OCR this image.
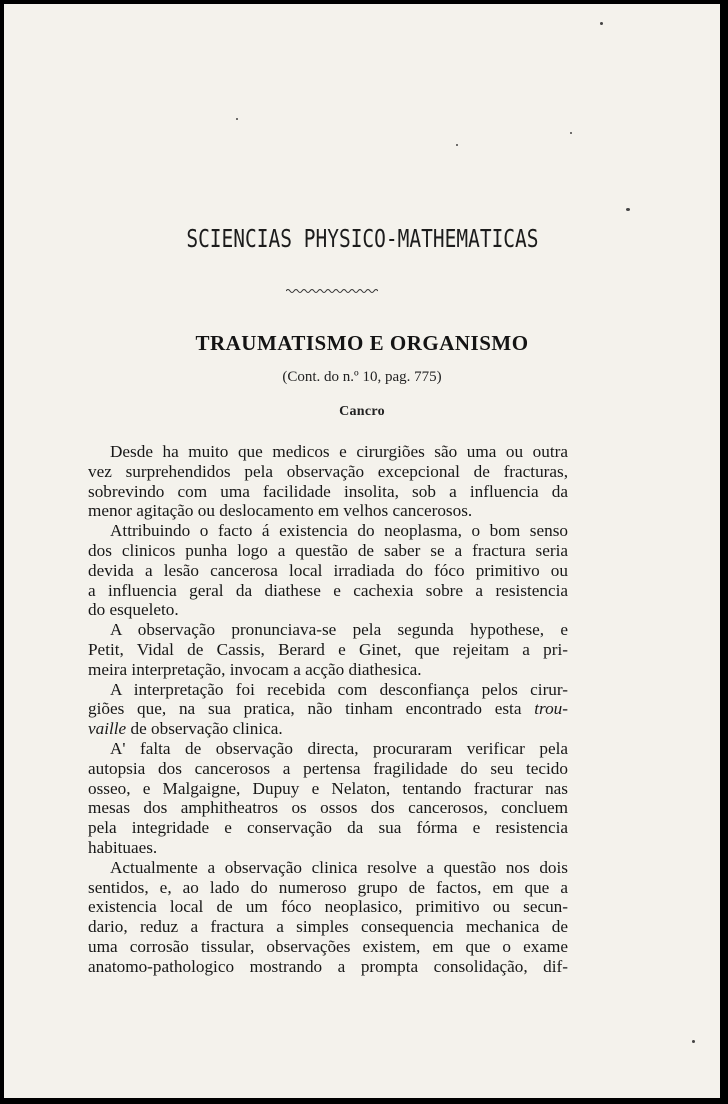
SCIENCIAS PHYSICO-MATHEMATICAS
TRAUMATISMO E ORGANISMO
(Cont. do n.º 10, pag. 775)
Cancro
Desde ha muito que medicos e cirurgiões são uma ou outra
vez surprehendidos pela observação excepcional de fracturas,
sobrevindo com uma facilidade insolita, sob a influencia da
menor agitação ou deslocamento em velhos cancerosos.
Attribuindo o facto á existencia do neoplasma, o bom senso
dos clinicos punha logo a questão de saber se a fractura seria
devida a lesão cancerosa local irradiada do fóco primitivo ou
a influencia geral da diathese e cachexia sobre a resistencia
do esqueleto.
A observação pronunciava-se pela segunda hypothese, e
Petit, Vidal de Cassis, Berard e Ginet, que rejeitam a pri-
meira interpretação, invocam a acção diathesica.
A interpretação foi recebida com desconfiança pelos cirur-
giões que, na sua pratica, não tinham encontrado esta trou-
vaille de observação clinica.
A' falta de observação directa, procuraram verificar pela
autopsia dos cancerosos a pertensa fragilidade do seu tecido
osseo, e Malgaigne, Dupuy e Nelaton, tentando fracturar nas
mesas dos amphitheatros os ossos dos cancerosos, concluem
pela integridade e conservação da sua fórma e resistencia
habituaes.
Actualmente a observação clinica resolve a questão nos dois
sentidos, e, ao lado do numeroso grupo de factos, em que a
existencia local de um fóco neoplasico, primitivo ou secun-
dario, reduz a fractura a simples consequencia mechanica de
uma corrosão tissular, observações existem, em que o exame
anatomo-pathologico mostrando a prompta consolidação, dif-
